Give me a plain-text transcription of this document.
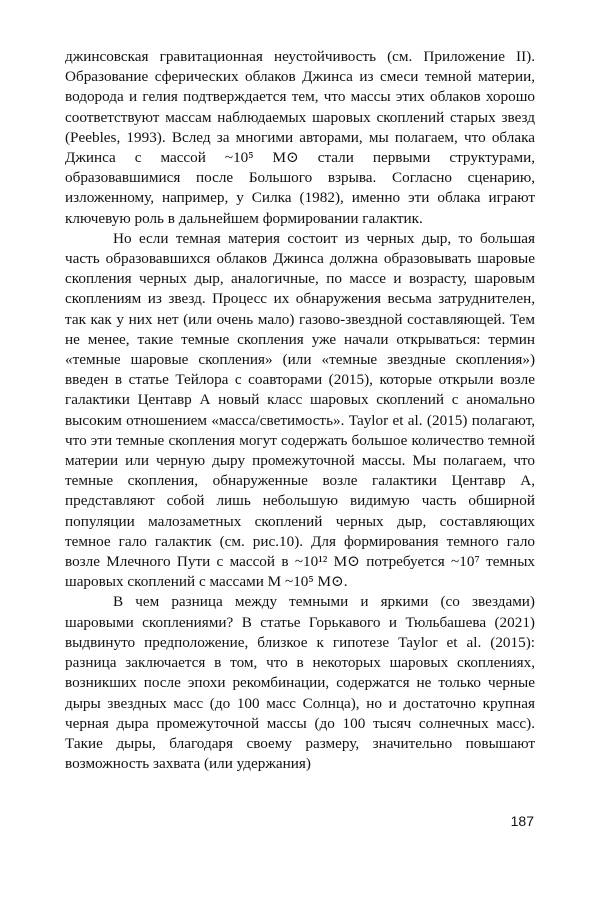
джинсовская гравитационная неустойчивость (см. Приложение II). Образование сферических облаков Джинса из смеси темной материи, водорода и гелия подтверждается тем, что массы этих облаков хорошо соответствуют массам наблюдаемых шаровых скоплений старых звезд (Peebles, 1993). Вслед за многими авторами, мы полагаем, что облака Джинса с массой ~10⁵ M⊙ стали первыми структурами, образовавшимися после Большого взрыва. Согласно сценарию, изложенному, например, у Силка (1982), именно эти облака играют ключевую роль в дальнейшем формировании галактик.

Но если темная материя состоит из черных дыр, то большая часть образовавшихся облаков Джинса должна образовывать шаровые скопления черных дыр, аналогичные, по массе и возрасту, шаровым скоплениям из звезд. Процесс их обнаружения весьма затруднителен, так как у них нет (или очень мало) газово-звездной составляющей. Тем не менее, такие темные скопления уже начали открываться: термин «темные шаровые скопления» (или «темные звездные скопления») введен в статье Тейлора с соавторами (2015), которые открыли возле галактики Центавр А новый класс шаровых скоплений с аномально высоким отношением «масса/светимость». Taylor et al. (2015) полагают, что эти темные скопления могут содержать большое количество темной материи или черную дыру промежуточной массы. Мы полагаем, что темные скопления, обнаруженные возле галактики Центавр А, представляют собой лишь небольшую видимую часть обширной популяции малозаметных скоплений черных дыр, составляющих темное гало галактик (см. рис.10). Для формирования темного гало возле Млечного Пути с массой в ~10¹² M⊙ потребуется ~10⁷ темных шаровых скоплений с массами M ~10⁵ M⊙.

В чем разница между темными и яркими (со звездами) шаровыми скоплениями? В статье Горькавого и Тюльбашева (2021) выдвинуто предположение, близкое к гипотезе Taylor et al. (2015): разница заключается в том, что в некоторых шаровых скоплениях, возникших после эпохи рекомбинации, содержатся не только черные дыры звездных масс (до 100 масс Солнца), но и достаточно крупная черная дыра промежуточной массы (до 100 тысяч солнечных масс). Такие дыры, благодаря своему размеру, значительно повышают возможность захвата (или удержания)

187
